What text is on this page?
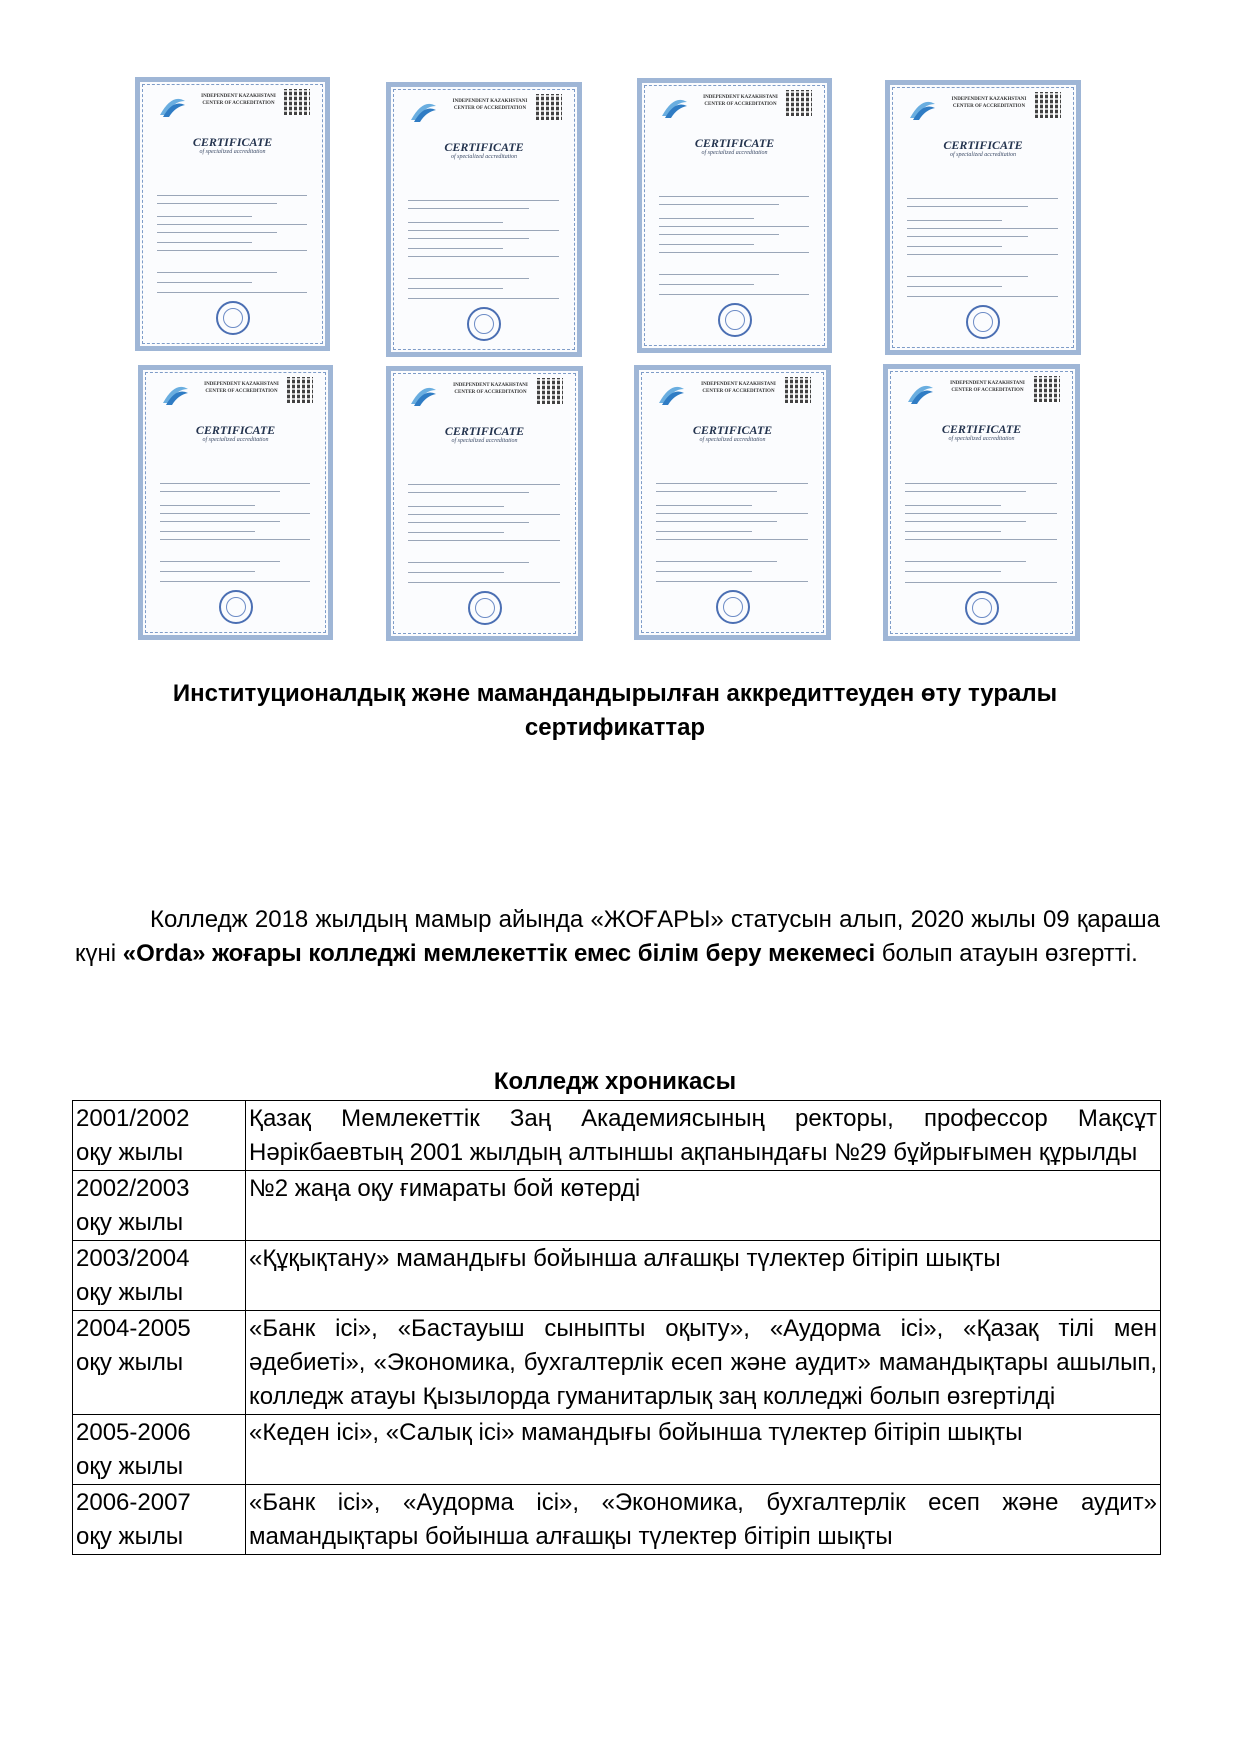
INDEPENDENT KAZAKHSTANI CENTER OF ACCREDITATION
CERTIFICATE
of specialized accreditation
INDEPENDENT KAZAKHSTANI CENTER OF ACCREDITATION
CERTIFICATE
of specialized accreditation
INDEPENDENT KAZAKHSTANI CENTER OF ACCREDITATION
CERTIFICATE
of specialized accreditation
INDEPENDENT KAZAKHSTANI CENTER OF ACCREDITATION
CERTIFICATE
of specialized accreditation
INDEPENDENT KAZAKHSTANI CENTER OF ACCREDITATION
CERTIFICATE
of specialized accreditation
INDEPENDENT KAZAKHSTANI CENTER OF ACCREDITATION
CERTIFICATE
of specialized accreditation
INDEPENDENT KAZAKHSTANI CENTER OF ACCREDITATION
CERTIFICATE
of specialized accreditation
INDEPENDENT KAZAKHSTANI CENTER OF ACCREDITATION
CERTIFICATE
of specialized accreditation
Институционалдық және мамандандырылған аккредиттеуден өту туралы
сертификаттар
Колледж 2018 жылдың мамыр айында «ЖОҒАРЫ» статусын алып, 2020 жылы 09 қараша күні «Orda» жоғары колледжі мемлекеттік емес білім беру мекемесі болып атауын өзгертті.
Колледж хроникасы
2001/2002
оқу жылы	Қазақ Мемлекеттік Заң Академиясының ректоры, профессор Мақсұт Нәрікбаевтың 2001 жылдың алтыншы ақпанындағы №29 бұйрығымен құрылды

2002/2003
оқу жылы	№2 жаңа оқу ғимараты бой көтерді

2003/2004
оқу жылы	«Құқықтану» мамандығы бойынша алғашқы түлектер бітіріп шықты

2004-2005
оқу жылы	«Банк ісі», «Бастауыш сыныпты оқыту», «Аудорма ісі», «Қазақ тілі мен әдебиеті», «Экономика, бухгалтерлік есеп және аудит» мамандықтары ашылып, колледж атауы Қызылорда гуманитарлық заң колледжі болып өзгертілді

2005-2006
оқу жылы	«Кеден ісі», «Салық ісі» мамандығы бойынша түлектер бітіріп шықты

2006-2007
оқу жылы	«Банк ісі», «Аудорма ісі», «Экономика, бухгалтерлік есеп және аудит» мамандықтары бойынша алғашқы түлектер бітіріп шықты
